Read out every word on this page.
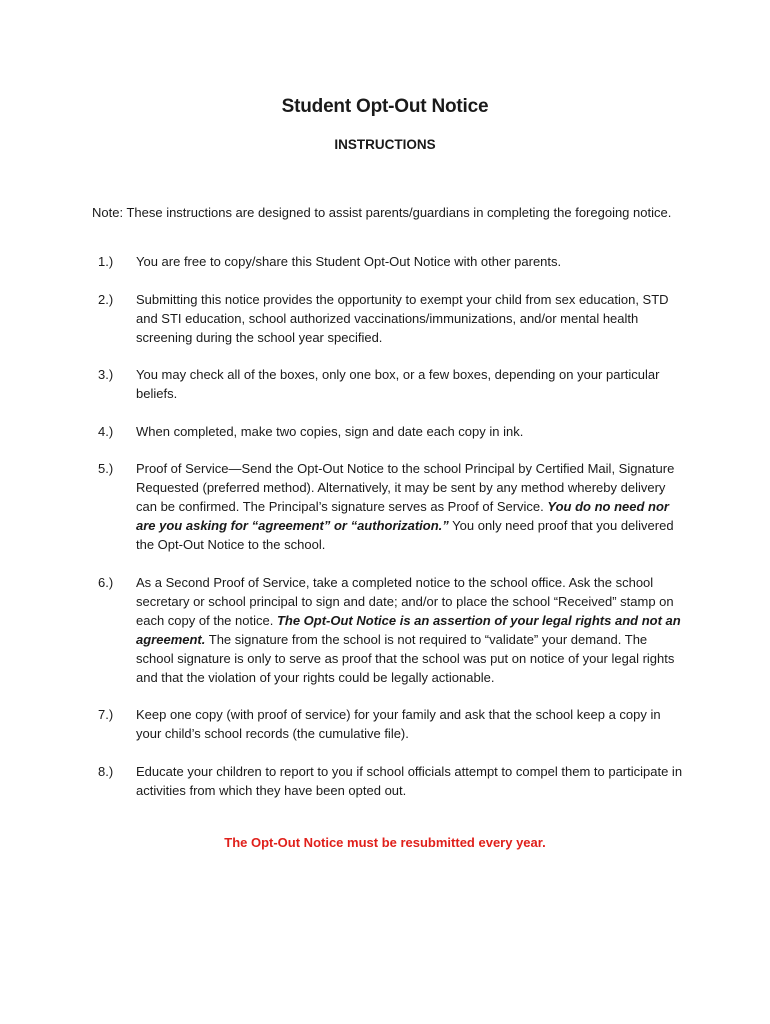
Student Opt-Out Notice
INSTRUCTIONS
Note: These instructions are designed to assist parents/guardians in completing the foregoing notice.
1.)	You are free to copy/share this Student Opt-Out Notice with other parents.
2.)	Submitting this notice provides the opportunity to exempt your child from sex education, STD and STI education, school authorized vaccinations/immunizations, and/or mental health screening during the school year specified.
3.)	You may check all of the boxes, only one box, or a few boxes, depending on your particular beliefs.
4.)	When completed, make two copies, sign and date each copy in ink.
5.)	Proof of Service—Send the Opt-Out Notice to the school Principal by Certified Mail, Signature Requested (preferred method). Alternatively, it may be sent by any method whereby delivery can be confirmed. The Principal’s signature serves as Proof of Service. You do no need nor are you asking for “agreement” or “authorization.” You only need proof that you delivered the Opt-Out Notice to the school.
6.)	As a Second Proof of Service, take a completed notice to the school office. Ask the school secretary or school principal to sign and date; and/or to place the school “Received” stamp on each copy of the notice. The Opt-Out Notice is an assertion of your legal rights and not an agreement. The signature from the school is not required to “validate” your demand. The school signature is only to serve as proof that the school was put on notice of your legal rights and that the violation of your rights could be legally actionable.
7.)	Keep one copy (with proof of service) for your family and ask that the school keep a copy in your child’s school records (the cumulative file).
8.)	Educate your children to report to you if school officials attempt to compel them to participate in activities from which they have been opted out.
The Opt-Out Notice must be resubmitted every year.
